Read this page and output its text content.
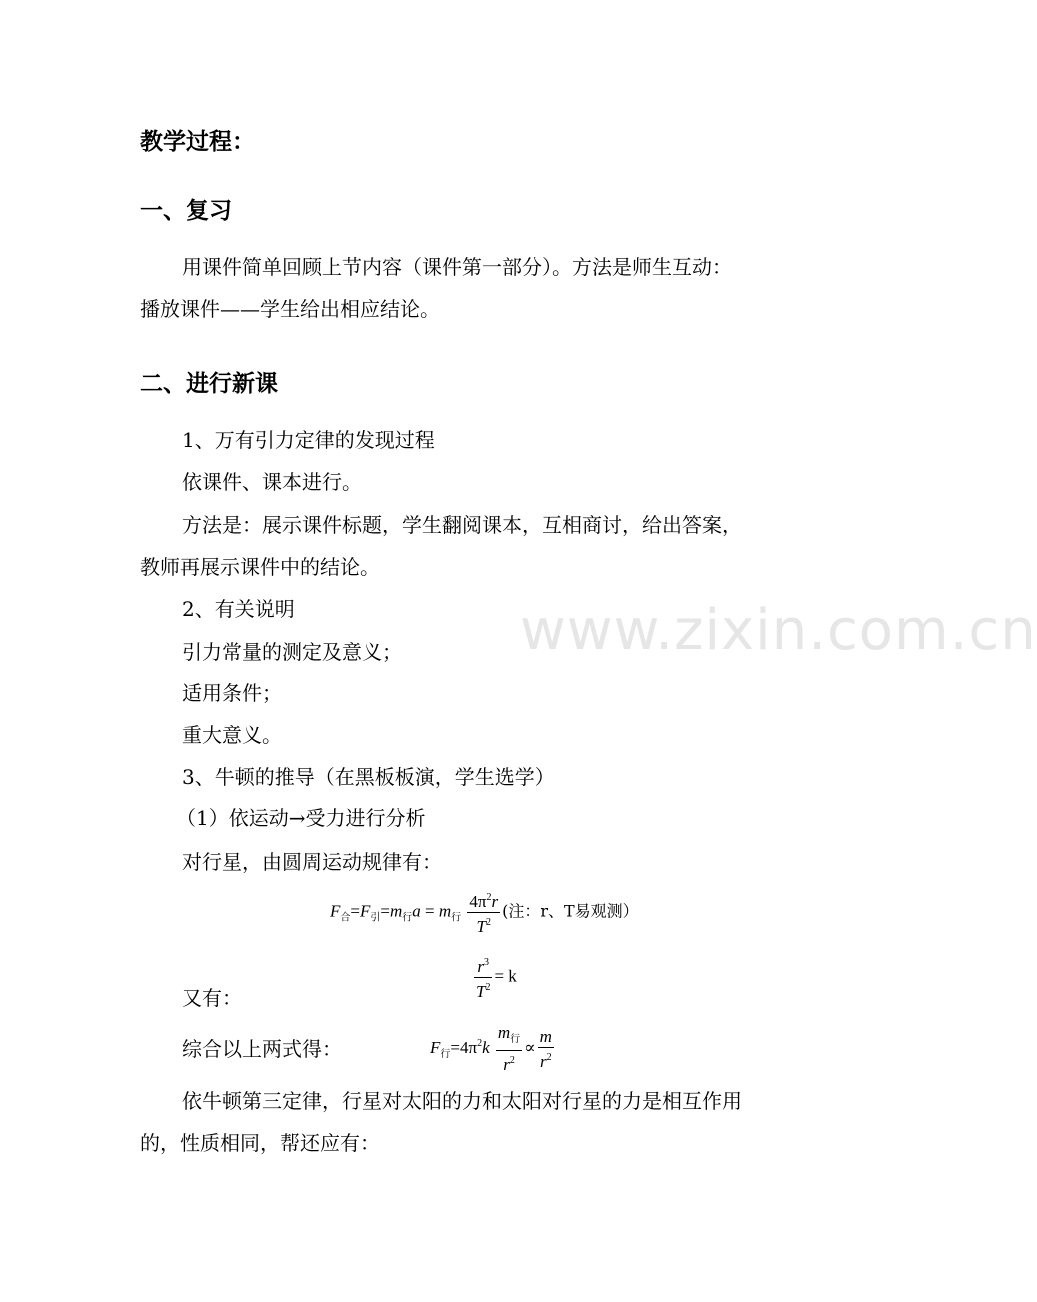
教学过程：
一、复习

用课件简单回顾上节内容（课件第一部分）。方法是师生互动：

播放课件——学生给出相应结论。

二、进行新课

1、万有引力定律的发现过程

依课件、课本进行。

方法是：展示课件标题，学生翻阅课本，互相商讨，给出答案，

教师再展示课件中的结论。

2、有关说明

引力常量的测定及意义；

适用条件；

重大意义。

3、牛顿的推导（在黑板板演，学生选学）

（1）依运动→受力进行分析

对行星，由圆周运动规律有：

$F_合=F_引=m_行a = m_行 \frac{4\pi^2r}{T^2}$ (注：r、T易观测）

又有：	$\frac{r^3}{T^2} = k$

综合以上两式得：	$F_行=4\pi^2k \frac{m_行}{r^2} \propto \frac{m}{r^2}$

依牛顿第三定律，行星对太阳的力和太阳对行星的力是相互作用

的，性质相同，帮还应有：

www.zixin.com.cn
